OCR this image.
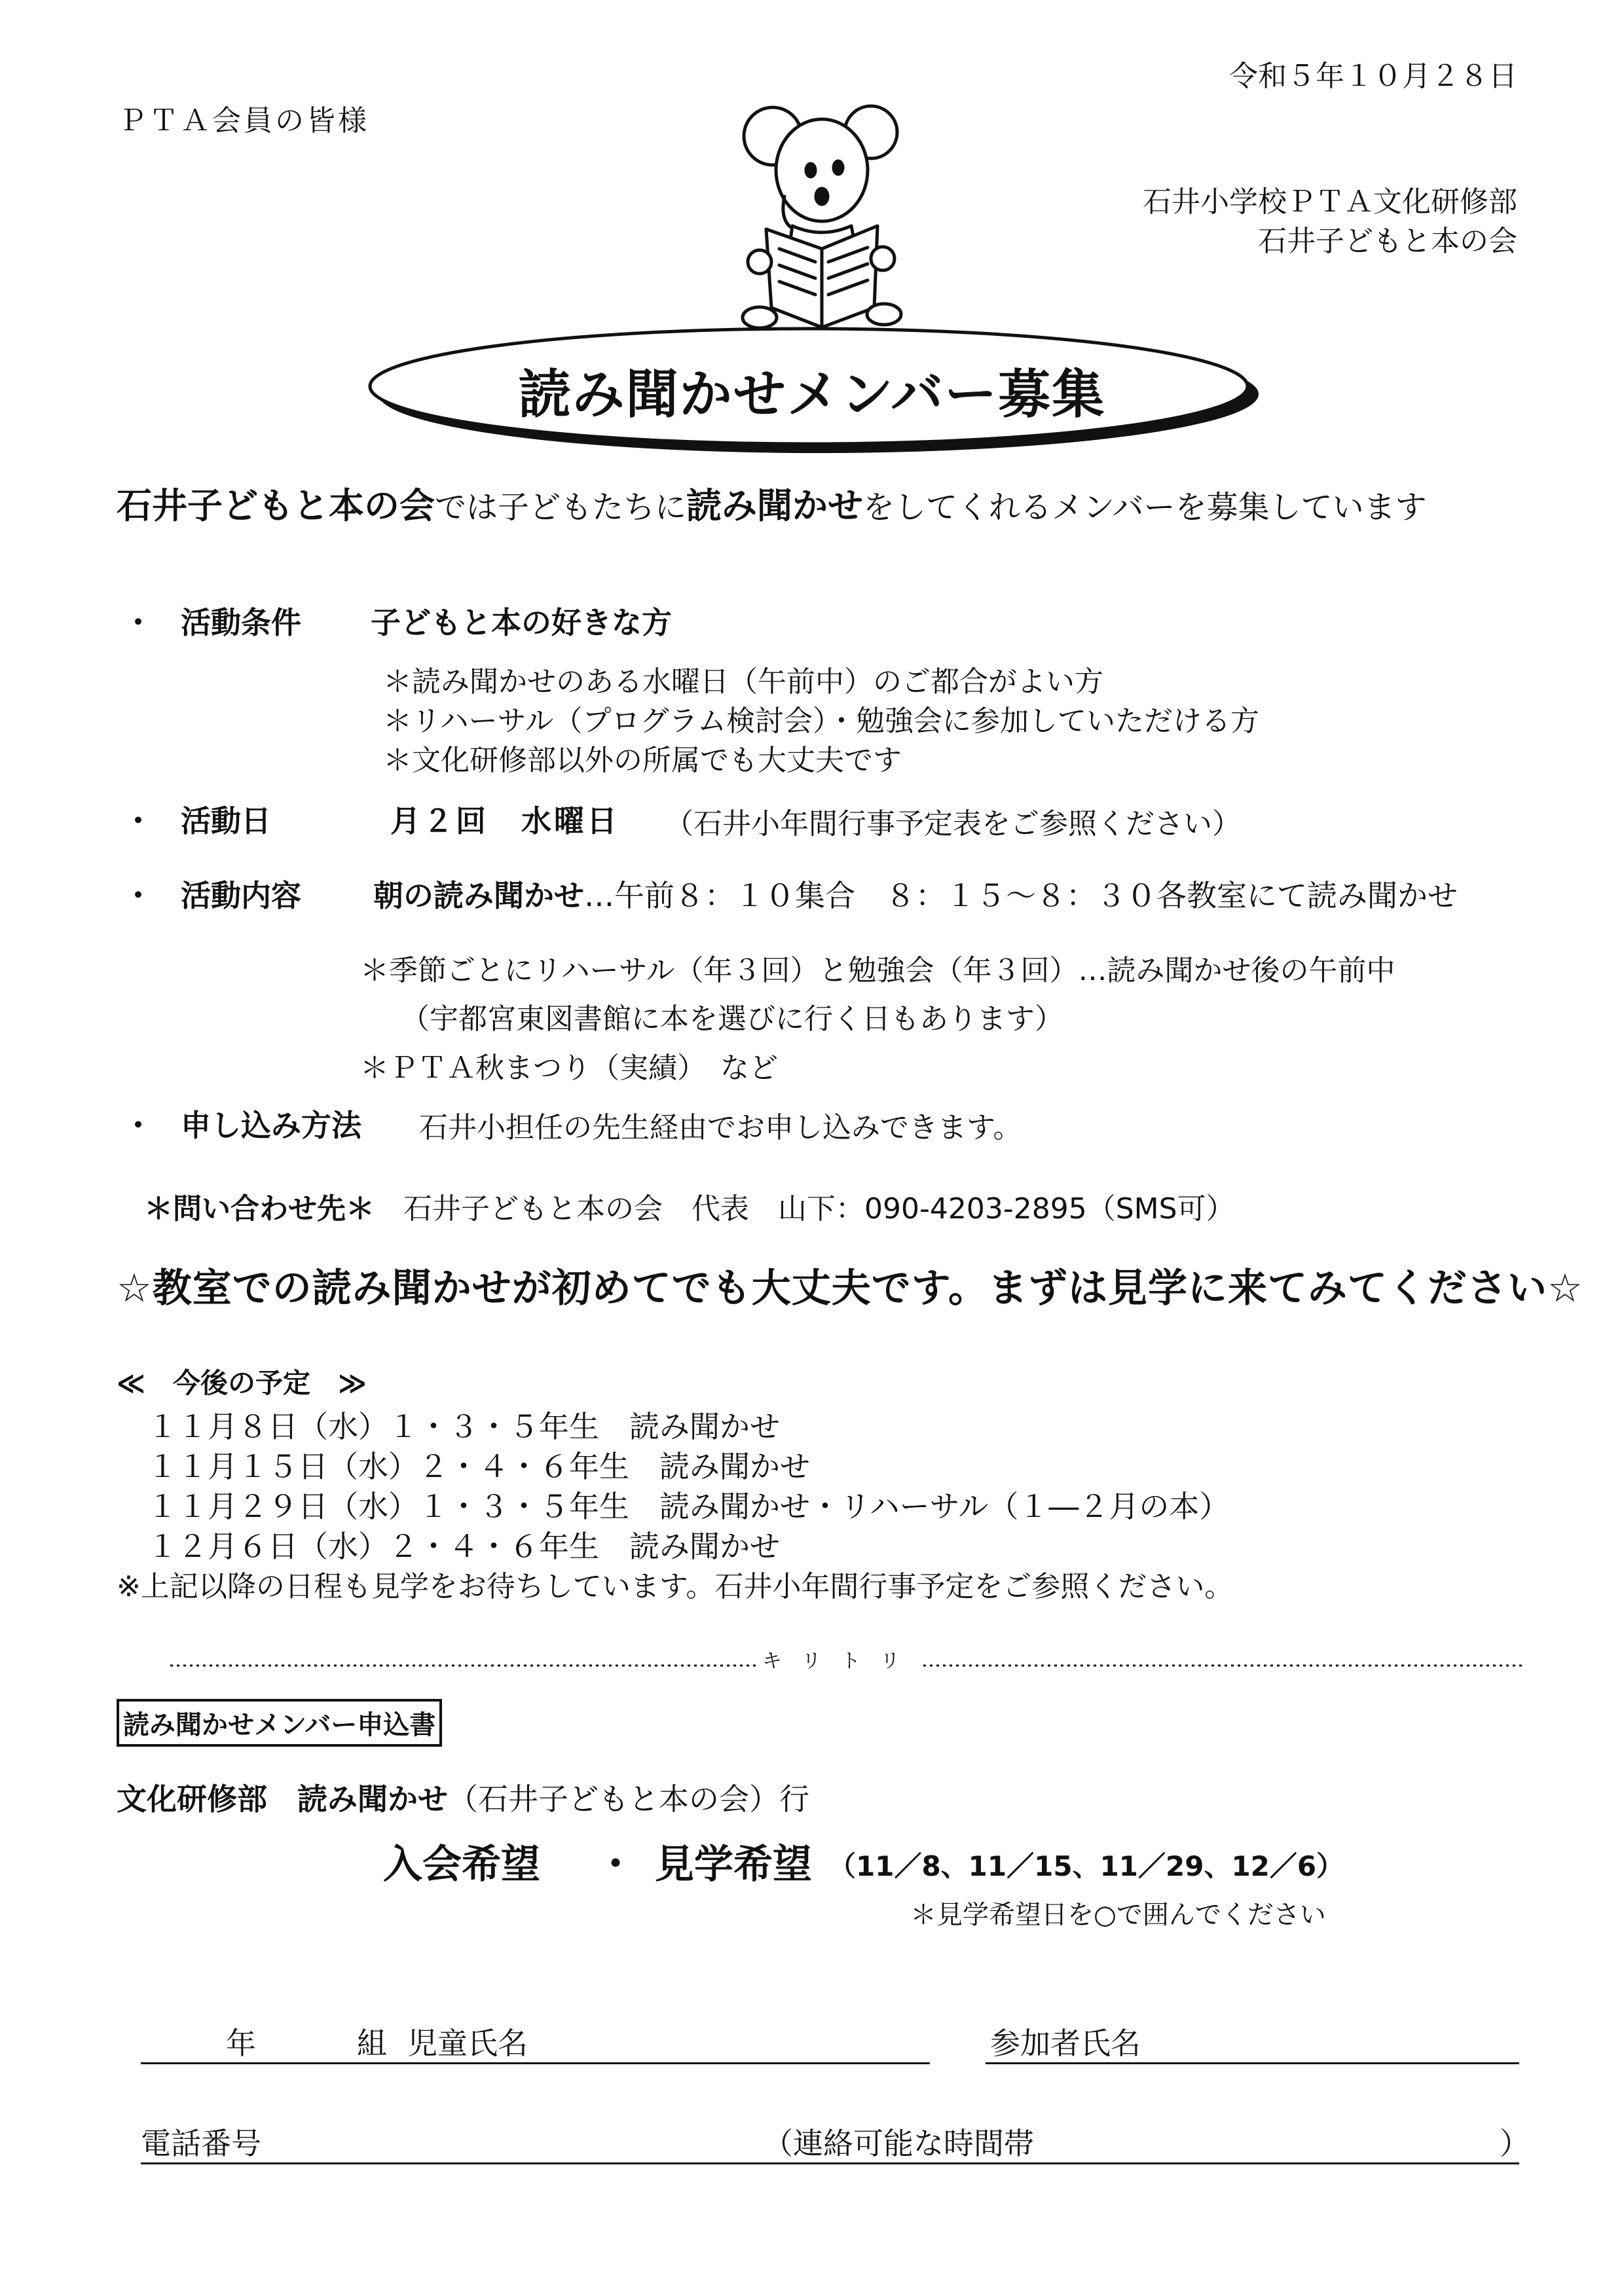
令和５年１０月２８日
ＰＴＡ会員の皆様
石井小学校ＰＴＡ文化研修部
石井子どもと本の会
読み聞かせメンバー募集
石井子どもと本の会では子どもたちに読み聞かせをしてくれるメンバーを募集しています
・ 活動条件 子どもと本の好きな方
＊読み聞かせのある水曜日（午前中）のご都合がよい方
＊リハーサル（プログラム検討会）・勉強会に参加していただける方
＊文化研修部以外の所属でも大丈夫です
・ 活動日	月２回　水曜日 （石井小年間行事予定表をご参照ください）
・ 活動内容 朝の読み聞かせ…午前８：１０集合　８：１５～８：３０各教室にて読み聞かせ
＊季節ごとにリハーサル（年３回）と勉強会（年３回）…読み聞かせ後の午前中
（宇都宮東図書館に本を選びに行く日もあります）
＊ＰＴＡ秋まつり（実績）　など
・ 申し込み方法 石井小担任の先生経由でお申し込みできます。
＊問い合わせ先＊　 石井子どもと本の会　代表　山下：090-4203-2895（SMS可）
☆教室での読み聞かせが初めてでも大丈夫です。まずは見学に来てみてください☆
≪　今後の予定　≫
１１月８日（水）１・３・５年生　読み聞かせ
１１月１５日（水）２・４・６年生　読み聞かせ
１１月２９日（水）１・３・５年生　読み聞かせ・リハーサル（１―２月の本）
１２月６日（水）２・４・６年生　読み聞かせ
※上記以降の日程も見学をお待ちしています。石井小年間行事予定をご参照ください。
キリトリ
読み聞かせメンバー申込書
文化研修部　読み聞かせ（石井子どもと本の会）行
入会希望 ・ 見学希望 （11／8、11／15、11／29、12／6）
＊見学希望日を○で囲んでください
年	組 児童氏名	参加者氏名
電話番号	（連絡可能な時間帯	）
